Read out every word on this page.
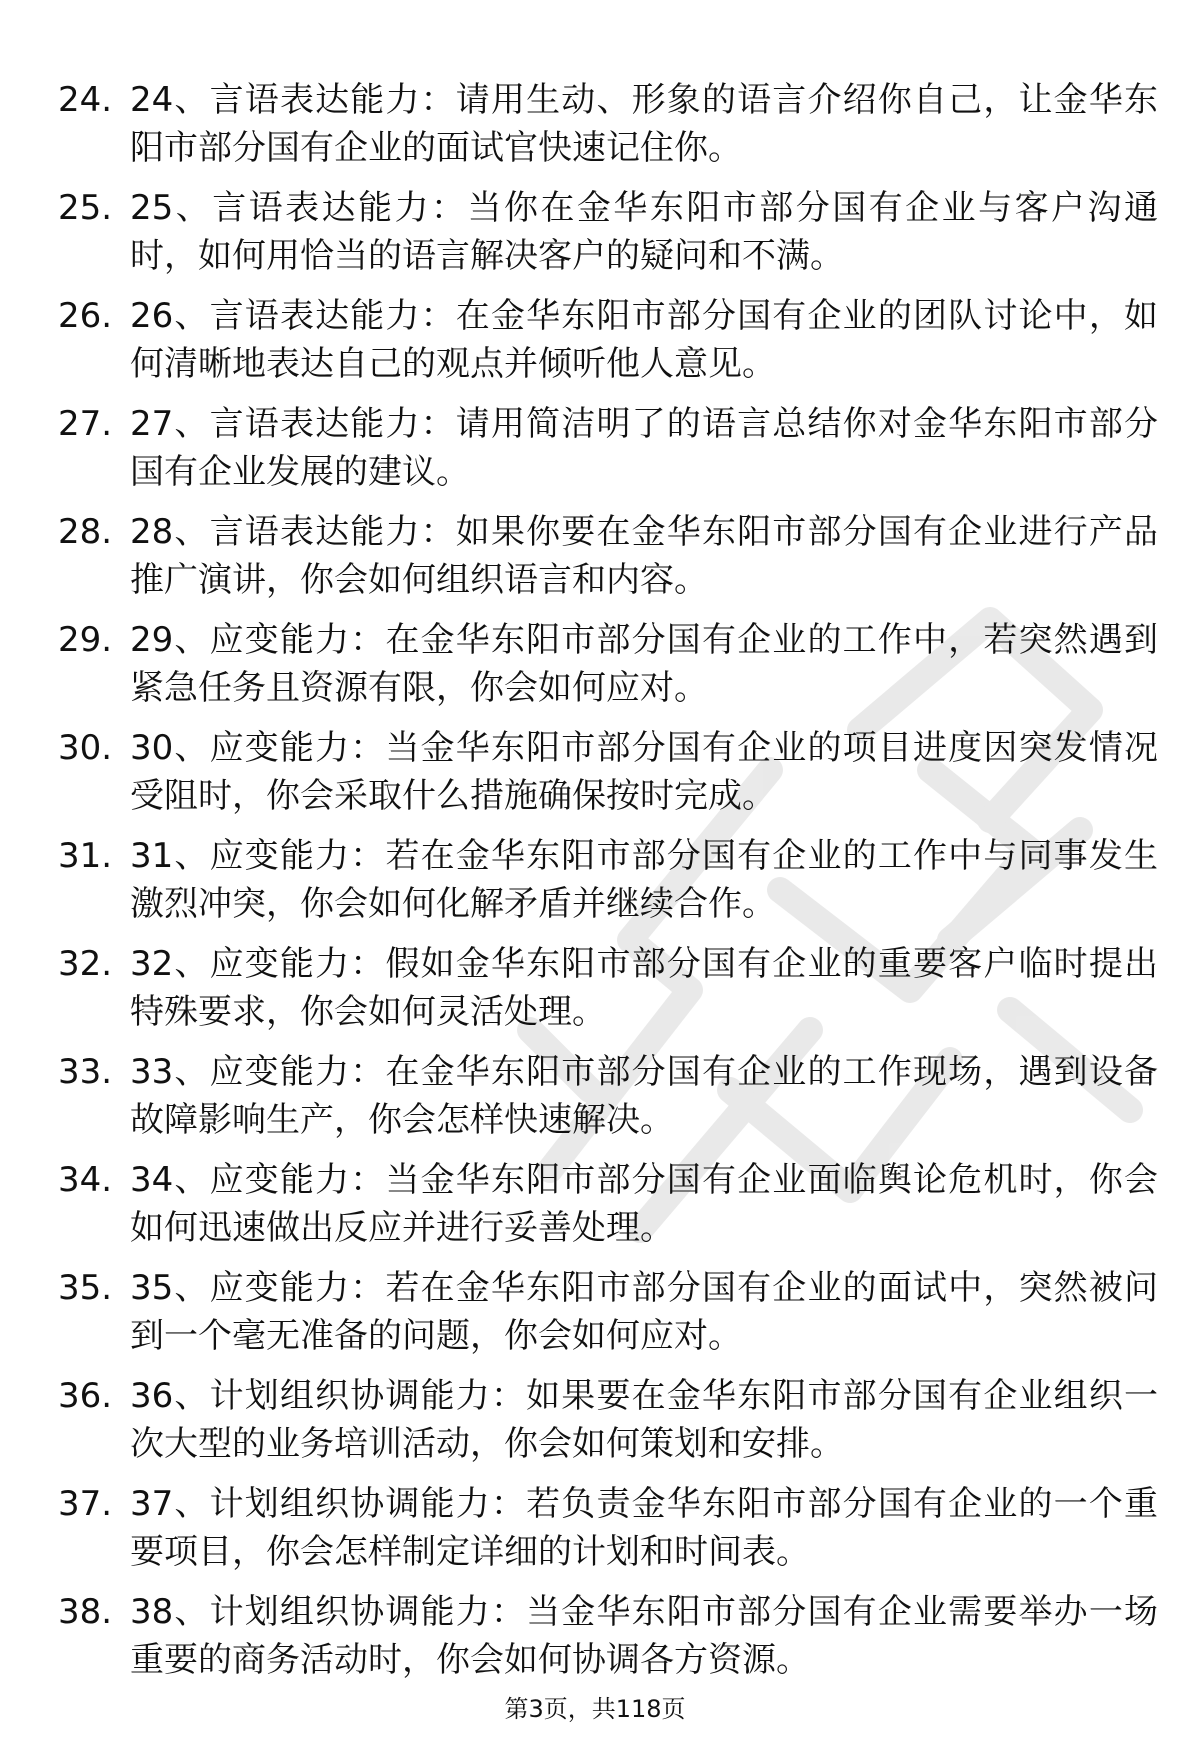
24. 24、言语表达能力：请用生动、形象的语言介绍你自己，让金华东阳市部分国有企业的面试官快速记住你。
25. 25、言语表达能力：当你在金华东阳市部分国有企业与客户沟通时，如何用恰当的语言解决客户的疑问和不满。
26. 26、言语表达能力：在金华东阳市部分国有企业的团队讨论中，如何清晰地表达自己的观点并倾听他人意见。
27. 27、言语表达能力：请用简洁明了的语言总结你对金华东阳市部分国有企业发展的建议。
28. 28、言语表达能力：如果你要在金华东阳市部分国有企业进行产品推广演讲，你会如何组织语言和内容。
29. 29、应变能力：在金华东阳市部分国有企业的工作中，若突然遇到紧急任务且资源有限，你会如何应对。
30. 30、应变能力：当金华东阳市部分国有企业的项目进度因突发情况受阻时，你会采取什么措施确保按时完成。
31. 31、应变能力：若在金华东阳市部分国有企业的工作中与同事发生激烈冲突，你会如何化解矛盾并继续合作。
32. 32、应变能力：假如金华东阳市部分国有企业的重要客户临时提出特殊要求，你会如何灵活处理。
33. 33、应变能力：在金华东阳市部分国有企业的工作现场，遇到设备故障影响生产，你会怎样快速解决。
34. 34、应变能力：当金华东阳市部分国有企业面临舆论危机时，你会如何迅速做出反应并进行妥善处理。
35. 35、应变能力：若在金华东阳市部分国有企业的面试中，突然被问到一个毫无准备的问题，你会如何应对。
36. 36、计划组织协调能力：如果要在金华东阳市部分国有企业组织一次大型的业务培训活动，你会如何策划和安排。
37. 37、计划组织协调能力：若负责金华东阳市部分国有企业的一个重要项目，你会怎样制定详细的计划和时间表。
38. 38、计划组织协调能力：当金华东阳市部分国有企业需要举办一场重要的商务活动时，你会如何协调各方资源。
第3页，共118页
